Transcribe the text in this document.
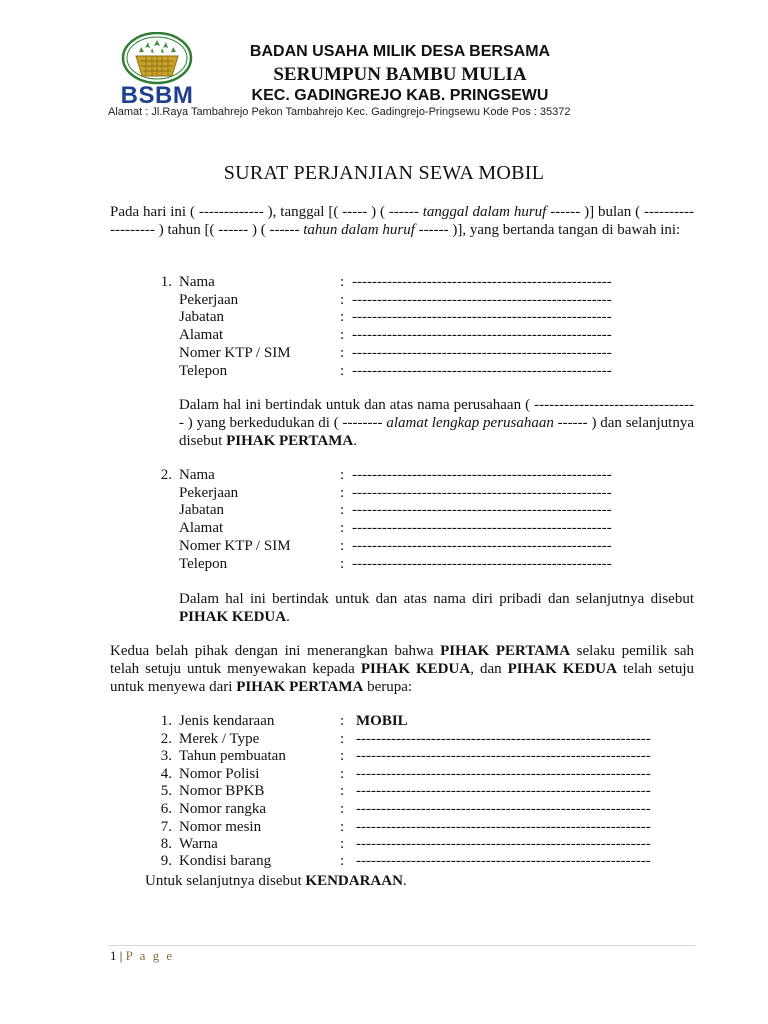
BSBM
BADAN USAHA MILIK DESA BERSAMA
SERUMPUN BAMBU MULIA
KEC. GADINGREJO KAB. PRINGSEWU
Alamat : Jl.Raya Tambahrejo Pekon Tambahrejo Kec. Gadingrejo-Pringsewu Kode Pos : 35372
SURAT PERJANJIAN SEWA MOBIL
Pada hari ini ( ------------- ), tanggal [( ----- ) ( ------ tanggal dalam huruf ------ )] bulan ( ------------------- ) tahun [( ------ ) ( ------ tahun dalam huruf ------ )], yang bertanda tangan di bawah ini:
1. Nama	: ----------------------------------------------------
Pekerjaan	: ----------------------------------------------------
Jabatan	: ----------------------------------------------------
Alamat	: ----------------------------------------------------
Nomer KTP / SIM	: ----------------------------------------------------
Telepon	: ----------------------------------------------------
Dalam hal ini bertindak untuk dan atas nama perusahaan ( --------------------------------- ) yang berkedudukan di ( -------- alamat lengkap perusahaan ------ ) dan selanjutnya disebut PIHAK PERTAMA.
2. Nama	: ----------------------------------------------------
Pekerjaan	: ----------------------------------------------------
Jabatan	: ----------------------------------------------------
Alamat	: ----------------------------------------------------
Nomer KTP / SIM	: ----------------------------------------------------
Telepon	: ----------------------------------------------------
Dalam hal ini bertindak untuk dan atas nama diri pribadi dan selanjutnya disebut PIHAK KEDUA.
Kedua belah pihak dengan ini menerangkan bahwa PIHAK PERTAMA selaku pemilik sah telah setuju untuk menyewakan kepada PIHAK KEDUA, dan PIHAK KEDUA telah setuju untuk menyewa dari PIHAK PERTAMA berupa:
1. Jenis kendaraan	: MOBIL
2. Merek / Type	: -----------------------------------------------------------
3. Tahun pembuatan	: -----------------------------------------------------------
4. Nomor Polisi	: -----------------------------------------------------------
5. Nomor BPKB	: -----------------------------------------------------------
6. Nomor rangka	: -----------------------------------------------------------
7. Nomor mesin	: -----------------------------------------------------------
8. Warna	: -----------------------------------------------------------
9. Kondisi barang	: -----------------------------------------------------------
Untuk selanjutnya disebut KENDARAAN.
1 | P a g e
